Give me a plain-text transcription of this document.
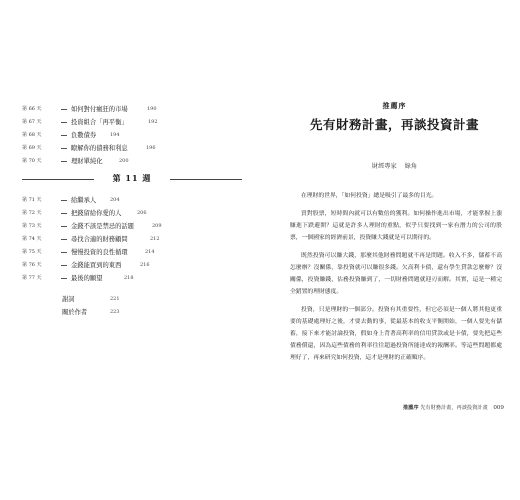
第 66 天	如何對付瘋狂的市場	190
第 67 天	投資組合「再平衡」	192
第 68 天	負數債券	194
第 69 天	瞭解你的債務和利息	196
第 70 天	理財單純化	200
第 11 週
第 71 天	給繼承人	204
第 72 天	把錢留給你愛的人	206
第 73 天	金錢不該是禁忌的話題	209
第 74 天	尋找合適的財務顧問	212
第 75 天	慢慢投資的良性循環	214
第 76 天	金錢能買到的東西	216
第 77 天	最後的願望	218
謝詞	221
關於作者	223
推薦序
先有財務計畫，再談投資計畫
財經專家 綠角

在理財的世界，「如何投資」總是吸引了最多的目光。

買對股票，短時間內就可以有數倍的獲利。如何操作進出市場，才能掌握上漲賺進下跌避開？這就是許多人理財的重點，似乎只要找到一家有潛力的公司的股票，一個國家的經濟前景，投資賺大錢就是可以期待的。

既然投資可以賺大錢，那麼其他財務問題就不再是問題。收入不多，儲蓄不高怎麼辦？沒關係，靠投資就可以賺很多錢。欠高利卡債，還有學生貸款怎麼辦？沒關係，投資賺錢，估務投資賺到了，一切財務問題就迎刃而解。其實，這是一種完全錯置的理財態度。

投資，只是理財的一個部分。投資有其重要性，但它必須是一個人將其他更重要的基礎處理好之後，才要去動的事，從最基本的收支平衡開始，一個人要先有儲蓄，接下來才能討論投資，假如身上背著高利率的信用貸款或是卡債，要先把這些債務償還，因為這些債務的利率往往超過投資所能達成的報酬率。等這些問題都處理好了，再來研究如何投資，這才是理財的正確順序。

推薦序 先有財務計畫，再談投資計畫 009
